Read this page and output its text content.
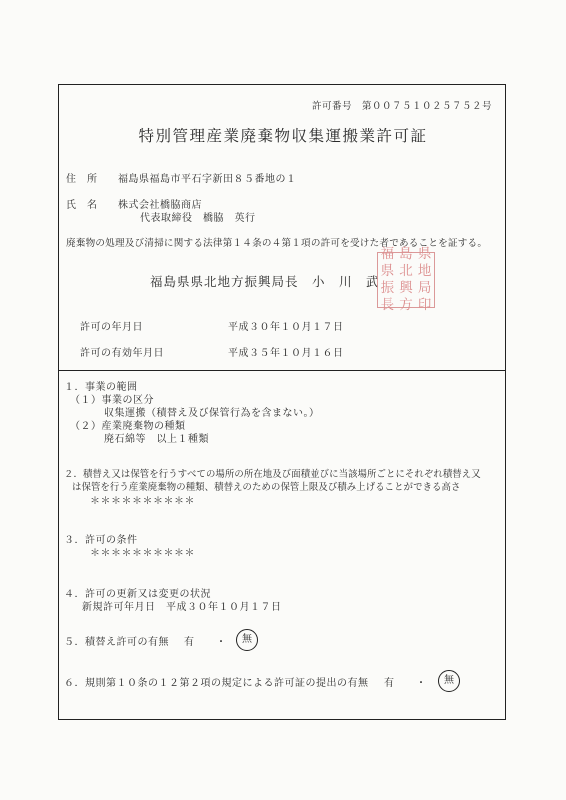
許可番号　第００７５１０２５７５２号
特別管理産業廃棄物収集運搬業許可証
住　所 福島県福島市平石字新田８５番地の１
氏　名 株式会社橋脇商店
代表取締役　橋脇　英行
廃棄物の処理及び清掃に関する法律第１４条の４第１項の許可を受けた者であることを証する。
福島県県北地方振興局長　小　川　武
福 島 県
県 北 地
振 興 局
長 方 印
許可の年月日	平成３０年１０月１７日
許可の有効年月日	平成３５年１０月１６日
１．事業の範囲
（１）事業の区分
収集運搬（積替え及び保管行為を含まない。）
（２）産業廃棄物の種類
廃石綿等　以上１種類
２．積替え又は保管を行うすべての場所の所在地及び面積並びに当該場所ごとにそれぞれ積替え又
は保管を行う産業廃棄物の種類、積替えのための保管上限及び積み上げることができる高さ
＊＊＊＊＊＊＊＊＊＊
３．許可の条件
＊＊＊＊＊＊＊＊＊＊
４．許可の更新又は変更の状況
新規許可年月日　平成３０年１０月１７日
５．積替え許可の有無 有 ・	無
６．規則第１０条の１２第２項の規定による許可証の提出の有無 有 ・	無
